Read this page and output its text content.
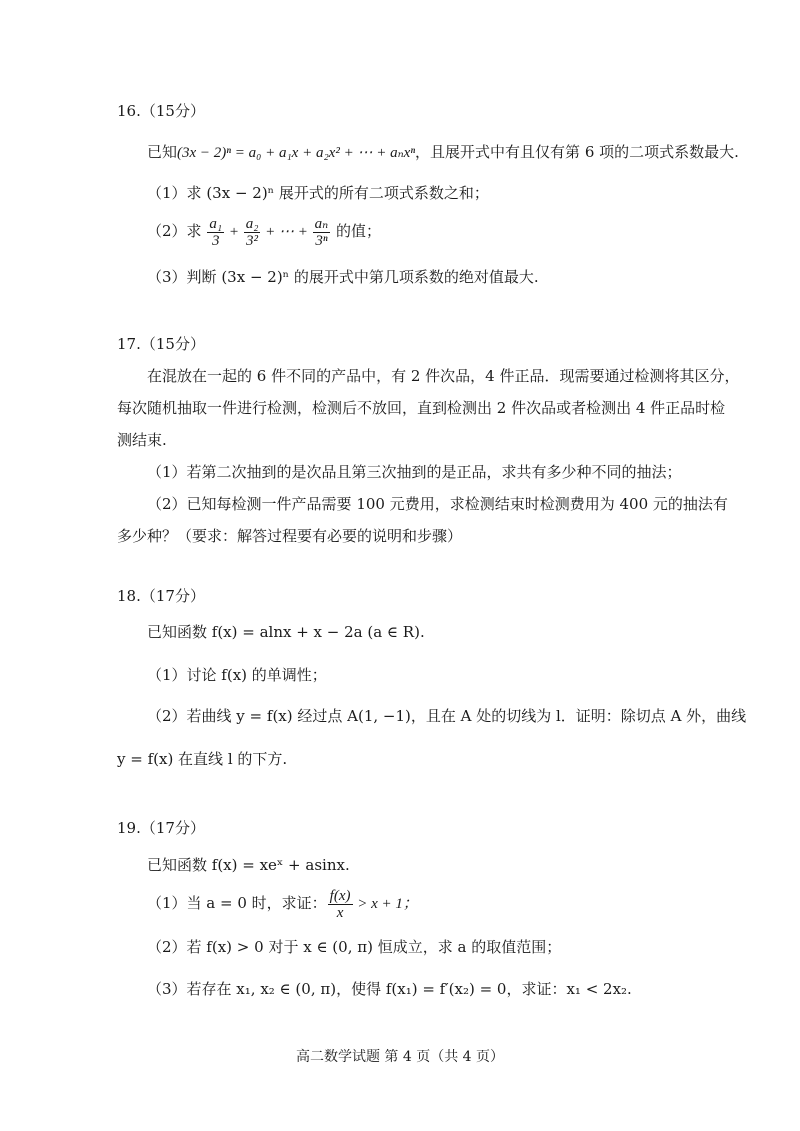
16.（15分）
已知(3x − 2)ⁿ = a₀ + a₁x + a₂x² + ⋯ + aₙxⁿ，且展开式中有且仅有第 6 项的二项式系数最大.
（1）求 (3x − 2)ⁿ 展开式的所有二项式系数之和；
（2）求 $\frac{\text{a₁}}{3} + \frac{\text{a₂}}{\text{3²}}$ + ⋯ + $\frac{\text{aₙ}}{\text{3ⁿ}}$ 的值；
（3）判断 (3x − 2)ⁿ 的展开式中第几项系数的绝对值最大.
17.（15分）
在混放在一起的 6 件不同的产品中，有 2 件次品，4 件正品．现需要通过检测将其区分，
每次随机抽取一件进行检测，检测后不放回，直到检测出 2 件次品或者检测出 4 件正品时检
测结束.
（1）若第二次抽到的是次品且第三次抽到的是正品，求共有多少种不同的抽法；
（2）已知每检测一件产品需要 100 元费用，求检测结束时检测费用为 400 元的抽法有
多少种？（要求：解答过程要有必要的说明和步骤）
18.（17分）
已知函数 f(x) = alnx + x − 2a (a ∈ R).
（1）讨论 f(x) 的单调性；
（2）若曲线 y = f(x) 经过点 A(1, −1)，且在 A 处的切线为 l．证明：除切点 A 外，曲线
y = f(x) 在直线 l 的下方.
19.（17分）
已知函数 f(x) = xeˣ + asinx.
（1）当 a = 0 时，求证： $\frac{f(x)}{x} > x + 1$；
（2）若 f(x) > 0 对于 x ∈ (0, π) 恒成立，求 a 的取值范围；
（3）若存在 x₁, x₂ ∈ (0, π)，使得 f(x₁) = f′(x₂) = 0，求证：x₁ < 2x₂.
高二数学试题 第 4 页（共 4 页）
